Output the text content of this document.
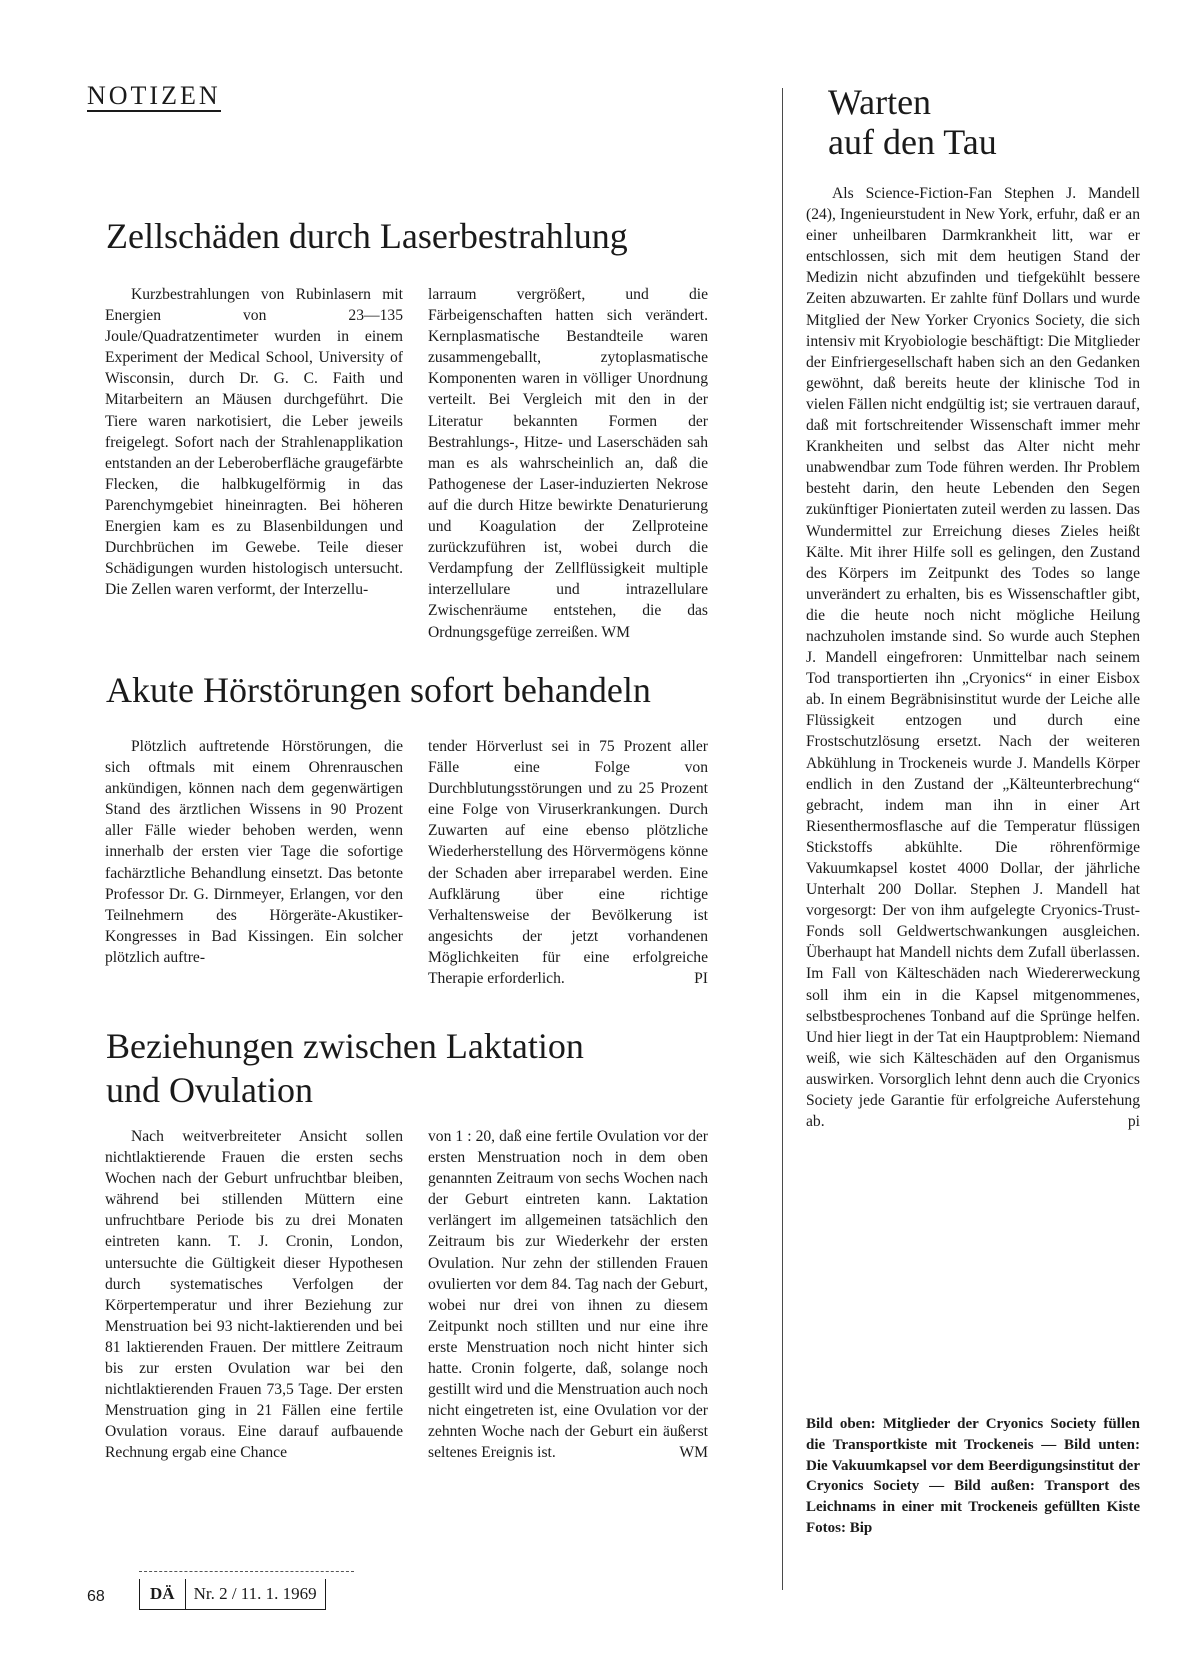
NOTIZEN
Zellschäden durch Laserbestrahlung

Kurzbestrahlungen von Rubinlasern mit Energien von 23—135 Joule/Quadratzentimeter wurden in einem Experiment der Medical School, University of Wisconsin, durch Dr. G. C. Faith und Mitarbeitern an Mäusen durchgeführt. Die Tiere waren narkotisiert, die Leber jeweils freigelegt. Sofort nach der Strahlenapplikation entstanden an der Leberoberfläche graugefärbte Flecken, die halbkugelförmig in das Parenchymgebiet hineinragten. Bei höheren Energien kam es zu Blasenbildungen und Durchbrüchen im Gewebe. Teile dieser Schädigungen wurden histologisch untersucht. Die Zellen waren verformt, der Interzellu-

larraum vergrößert, und die Färbeigenschaften hatten sich verändert. Kernplasmatische Bestandteile waren zusammengeballt, zytoplasmatische Komponenten waren in völliger Unordnung verteilt. Bei Vergleich mit den in der Literatur bekannten Formen der Bestrahlungs-, Hitze- und Laserschäden sah man es als wahrscheinlich an, daß die Pathogenese der Laser-induzierten Nekrose auf die durch Hitze bewirkte Denaturierung und Koagulation der Zellproteine zurückzuführen ist, wobei durch die Verdampfung der Zellflüssigkeit multiple interzellulare und intrazellulare Zwischenräume entstehen, die das Ordnungsgefüge zerreißen. WM

Akute Hörstörungen sofort behandeln

Plötzlich auftretende Hörstörungen, die sich oftmals mit einem Ohrenrauschen ankündigen, können nach dem gegenwärtigen Stand des ärztlichen Wissens in 90 Prozent aller Fälle wieder behoben werden, wenn innerhalb der ersten vier Tage die sofortige fachärztliche Behandlung einsetzt. Das betonte Professor Dr. G. Dirnmeyer, Erlangen, vor den Teilnehmern des Hörgeräte-Akustiker-Kongresses in Bad Kissingen. Ein solcher plötzlich auftre-

tender Hörverlust sei in 75 Prozent aller Fälle eine Folge von Durchblutungsstörungen und zu 25 Prozent eine Folge von Viruserkrankungen. Durch Zuwarten auf eine ebenso plötzliche Wiederherstellung des Hörvermögens könne der Schaden aber irreparabel werden. Eine Aufklärung über eine richtige Verhaltensweise der Bevölkerung ist angesichts der jetzt vorhandenen Möglichkeiten für eine erfolgreiche Therapie erforderlich.	PI

Beziehungen zwischen Laktation
und Ovulation

Nach weitverbreiteter Ansicht sollen nichtlaktierende Frauen die ersten sechs Wochen nach der Geburt unfruchtbar bleiben, während bei stillenden Müttern eine unfruchtbare Periode bis zu drei Monaten eintreten kann. T. J. Cronin, London, untersuchte die Gültigkeit dieser Hypothesen durch systematisches Verfolgen der Körpertemperatur und ihrer Beziehung zur Menstruation bei 93 nicht-laktierenden und bei 81 laktierenden Frauen. Der mittlere Zeitraum bis zur ersten Ovulation war bei den nichtlaktierenden Frauen 73,5 Tage. Der ersten Menstruation ging in 21 Fällen eine fertile Ovulation voraus. Eine darauf aufbauende Rechnung ergab eine Chance

von 1 : 20, daß eine fertile Ovulation vor der ersten Menstruation noch in dem oben genannten Zeitraum von sechs Wochen nach der Geburt eintreten kann. Laktation verlängert im allgemeinen tatsächlich den Zeitraum bis zur Wiederkehr der ersten Ovulation. Nur zehn der stillenden Frauen ovulierten vor dem 84. Tag nach der Geburt, wobei nur drei von ihnen zu diesem Zeitpunkt noch stillten und nur eine ihre erste Menstruation noch nicht hinter sich hatte. Cronin folgerte, daß, solange noch gestillt wird und die Menstruation auch noch nicht eingetreten ist, eine Ovulation vor der zehnten Woche nach der Geburt ein äußerst seltenes Ereignis ist.	WM

Warten
auf den Tau

Als Science-Fiction-Fan Stephen J. Mandell (24), Ingenieurstudent in New York, erfuhr, daß er an einer unheilbaren Darmkrankheit litt, war er entschlossen, sich mit dem heutigen Stand der Medizin nicht abzufinden und tiefgekühlt bessere Zeiten abzuwarten. Er zahlte fünf Dollars und wurde Mitglied der New Yorker Cryonics Society, die sich intensiv mit Kryobiologie beschäftigt: Die Mitglieder der Einfriergesellschaft haben sich an den Gedanken gewöhnt, daß bereits heute der klinische Tod in vielen Fällen nicht endgültig ist; sie vertrauen darauf, daß mit fortschreitender Wissenschaft immer mehr Krankheiten und selbst das Alter nicht mehr unabwendbar zum Tode führen werden. Ihr Problem besteht darin, den heute Lebenden den Segen zukünftiger Pioniertaten zuteil werden zu lassen. Das Wundermittel zur Erreichung dieses Zieles heißt Kälte. Mit ihrer Hilfe soll es gelingen, den Zustand des Körpers im Zeitpunkt des Todes so lange unverändert zu erhalten, bis es Wissenschaftler gibt, die die heute noch nicht mögliche Heilung nachzuholen imstande sind. So wurde auch Stephen J. Mandell eingefroren: Unmittelbar nach seinem Tod transportierten ihn „Cryonics“ in einer Eisbox ab. In einem Begräbnisinstitut wurde der Leiche alle Flüssigkeit entzogen und durch eine Frostschutzlösung ersetzt. Nach der weiteren Abkühlung in Trockeneis wurde J. Mandells Körper endlich in den Zustand der „Kälteunterbrechung“ gebracht, indem man ihn in einer Art Riesenthermosflasche auf die Temperatur flüssigen Stickstoffs abkühlte. Die röhrenförmige Vakuumkapsel kostet 4000 Dollar, der jährliche Unterhalt 200 Dollar. Stephen J. Mandell hat vorgesorgt: Der von ihm aufgelegte Cryonics-Trust-Fonds soll Geldwertschwankungen ausgleichen. Überhaupt hat Mandell nichts dem Zufall überlassen. Im Fall von Kälteschäden nach Wiedererweckung soll ihm ein in die Kapsel mitgenommenes, selbstbesprochenes Tonband auf die Sprünge helfen. Und hier liegt in der Tat ein Hauptproblem: Niemand weiß, wie sich Kälteschäden auf den Organismus auswirken. Vorsorglich lehnt denn auch die Cryonics Society jede Garantie für erfolgreiche Auferstehung ab.	pi

Bild oben: Mitglieder der Cryonics Society füllen die Transportkiste mit Trockeneis — Bild unten: Die Vakuumkapsel vor dem Beerdigungsinstitut der Cryonics Society — Bild außen: Transport des Leichnams in einer mit Trockeneis gefüllten Kiste Fotos: Bip
68	DÄ	Nr. 2 / 11. 1. 1969
